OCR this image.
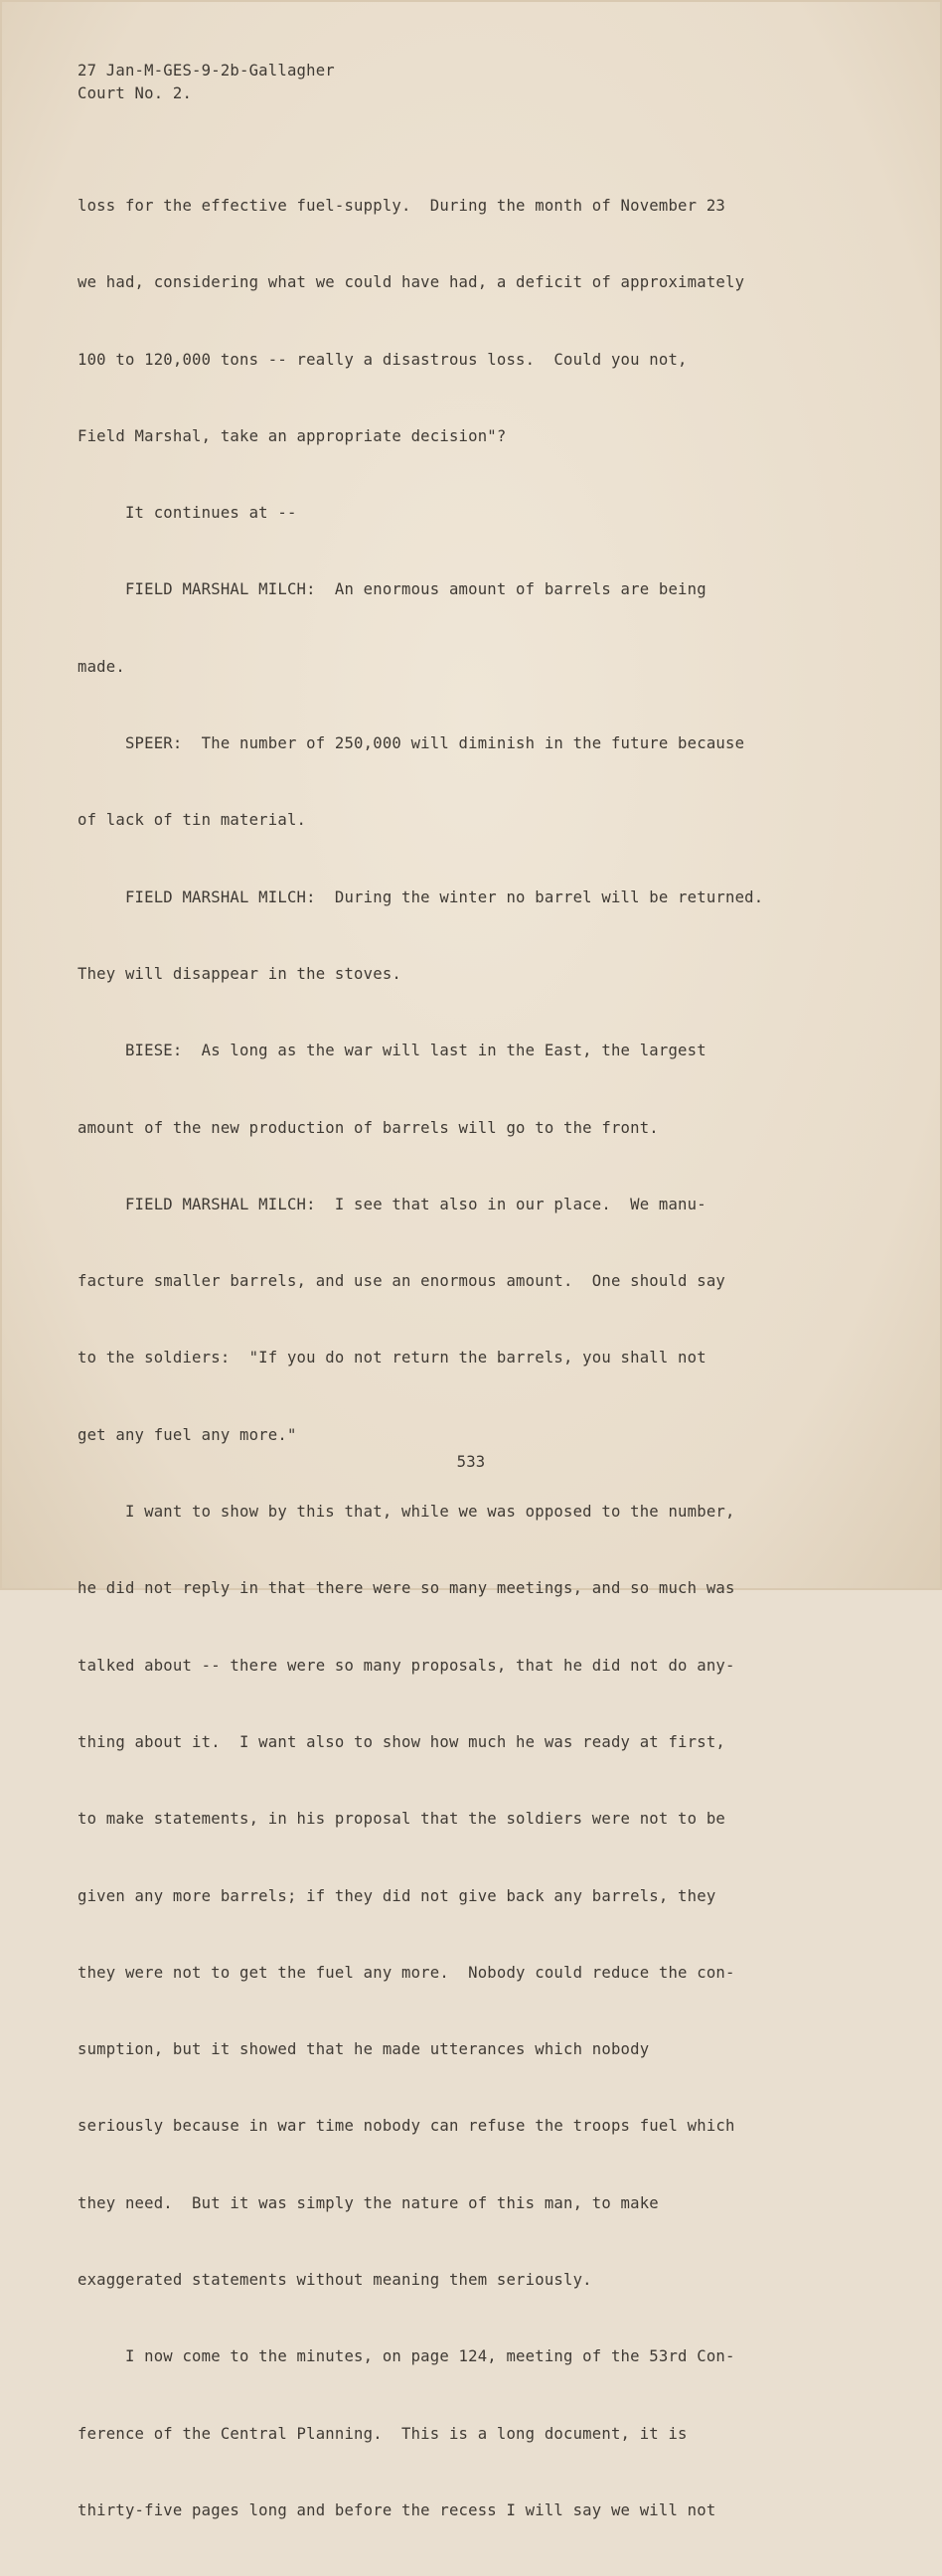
27 Jan-M-GES-9-2b-Gallagher
Court No. 2.

loss for the effective fuel-supply.  During the month of November 23

we had, considering what we could have had, a deficit of approximately

100 to 120,000 tons -- really a disastrous loss.  Could you not,

Field Marshal, take an appropriate decision"?

It continues at --

FIELD MARSHAL MILCH:  An enormous amount of barrels are being

made.

SPEER:  The number of 250,000 will diminish in the future because

of lack of tin material.

FIELD MARSHAL MILCH:  During the winter no barrel will be returned.

They will disappear in the stoves.

BIESE:  As long as the war will last in the East, the largest

amount of the new production of barrels will go to the front.

FIELD MARSHAL MILCH:  I see that also in our place.  We manu-

facture smaller barrels, and use an enormous amount.  One should say

to the soldiers:  "If you do not return the barrels, you shall not

get any fuel any more."

I want to show by this that, while we was opposed to the number,

he did not reply in that there were so many meetings, and so much was

talked about -- there were so many proposals, that he did not do any-

thing about it.  I want also to show how much he was ready at first,

to make statements, in his proposal that the soldiers were not to be

given any more barrels; if they did not give back any barrels, they

they were not to get the fuel any more.  Nobody could reduce the con-

sumption, but it showed that he made utterances which nobody

seriously because in war time nobody can refuse the troops fuel which

they need.  But it was simply the nature of this man, to make

exaggerated statements without meaning them seriously.

I now come to the minutes, on page 124, meeting of the 53rd Con-

ference of the Central Planning.  This is a long document, it is

thirty-five pages long and before the recess I will say we will not

533
